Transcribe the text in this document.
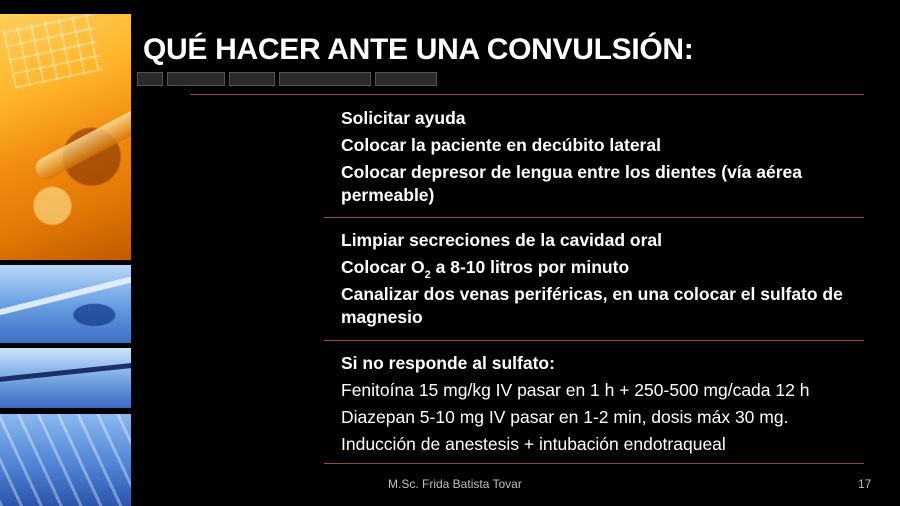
QUÉ HACER ANTE UNA CONVULSIÓN:

Solicitar ayuda

Colocar la paciente en decúbito lateral

Colocar depresor de lengua entre los dientes (vía aérea permeable)

Limpiar secreciones de la cavidad oral

Colocar $O_2$ a 8-10 litros por minuto

Canalizar dos venas periféricas, en una colocar el sulfato de magnesio

Si no responde al sulfato:

Fenitoína 15 mg/kg IV pasar en 1 h + 250-500 mg/cada 12 h

Diazepan 5-10 mg IV pasar en 1-2 min, dosis máx 30 mg.

Inducción de anestesis + intubación endotraqueal

M.Sc. Frida Batista Tovar	17
